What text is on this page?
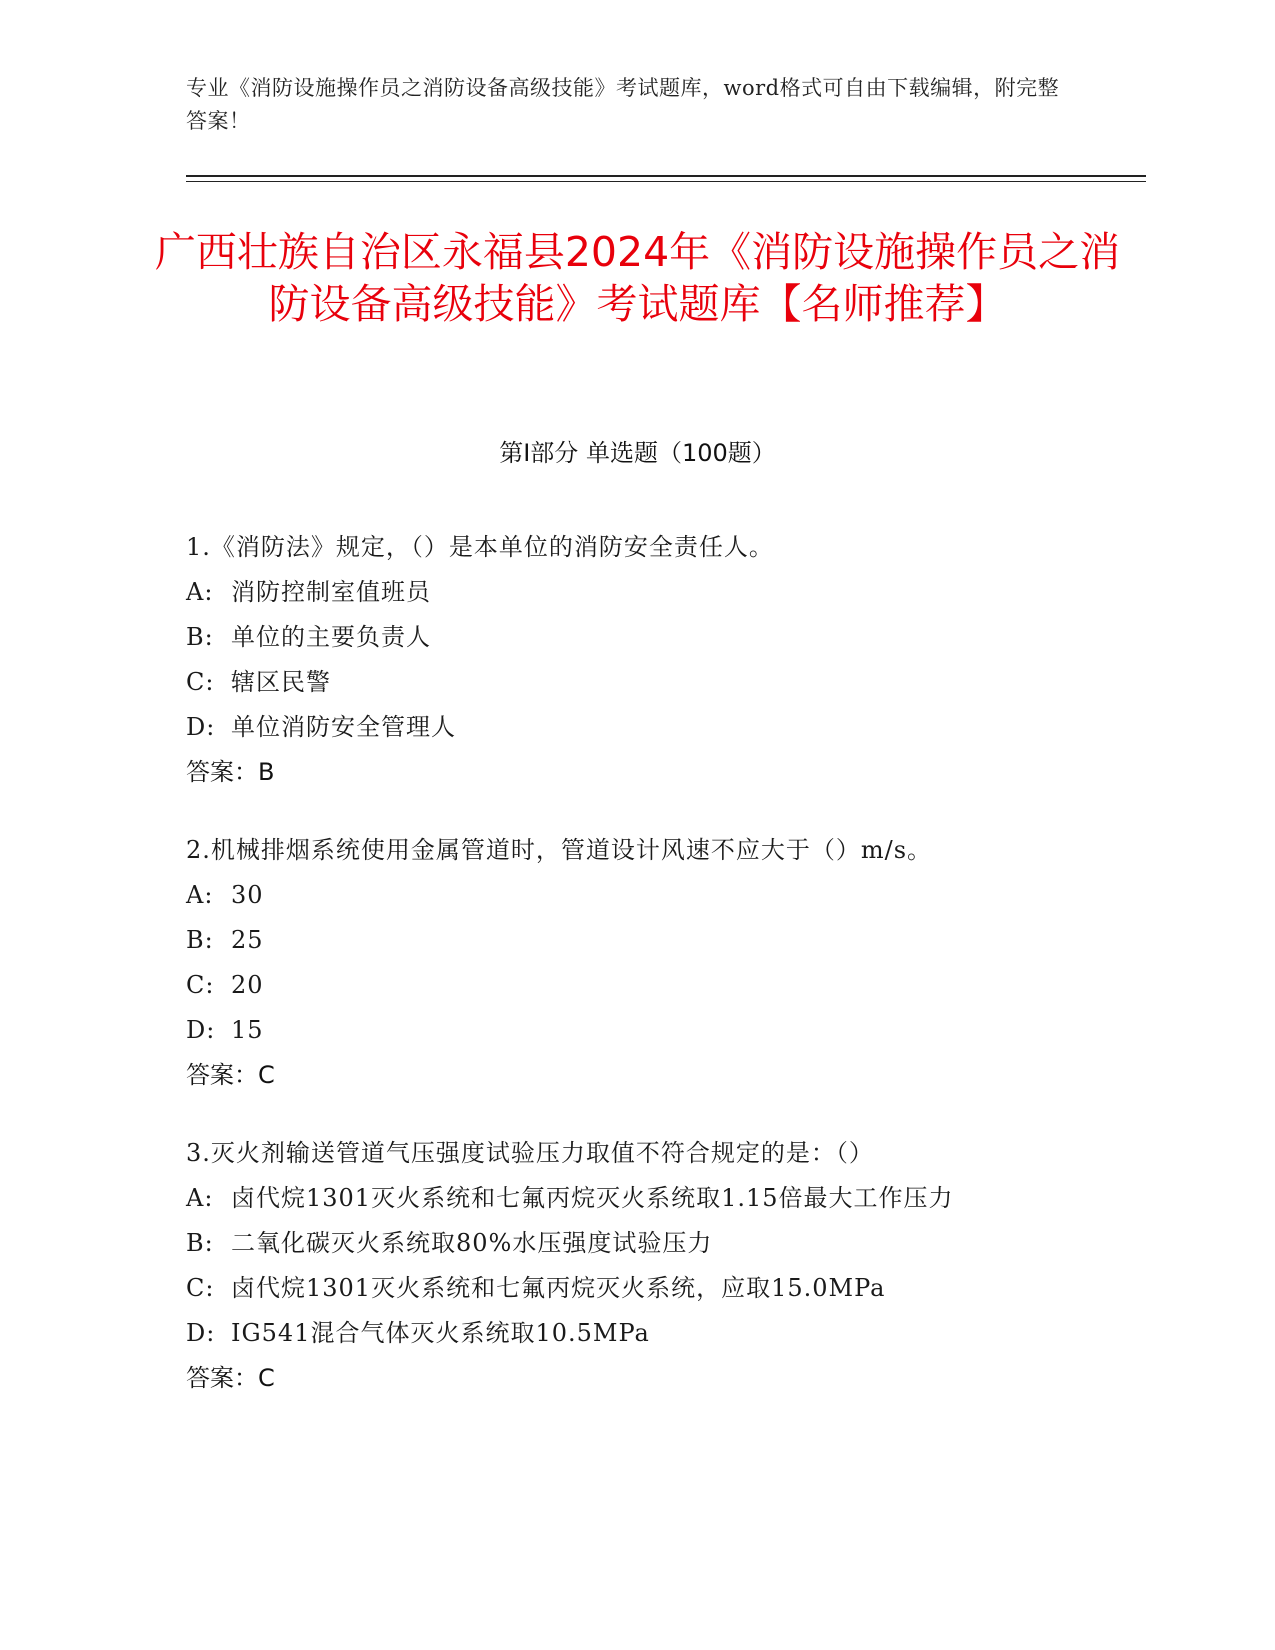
专业《消防设施操作员之消防设备高级技能》考试题库，word格式可自由下载编辑，附完整答案！
广西壮族自治区永福县2024年《消防设施操作员之消防设备高级技能》考试题库【名师推荐】
第I部分 单选题（100题）
1.《消防法》规定，（）是本单位的消防安全责任人。
A: 消防控制室值班员
B: 单位的主要负责人
C: 辖区民警
D: 单位消防安全管理人
答案：B
2.机械排烟系统使用金属管道时，管道设计风速不应大于（）m/s。
A: 30
B: 25
C: 20
D: 15
答案：C
3.灭火剂输送管道气压强度试验压力取值不符合规定的是：（）
A: 卤代烷1301灭火系统和七氟丙烷灭火系统取1.15倍最大工作压力
B: 二氧化碳灭火系统取80%水压强度试验压力
C: 卤代烷1301灭火系统和七氟丙烷灭火系统，应取15.0MPa
D: IG541混合气体灭火系统取10.5MPa
答案：C
